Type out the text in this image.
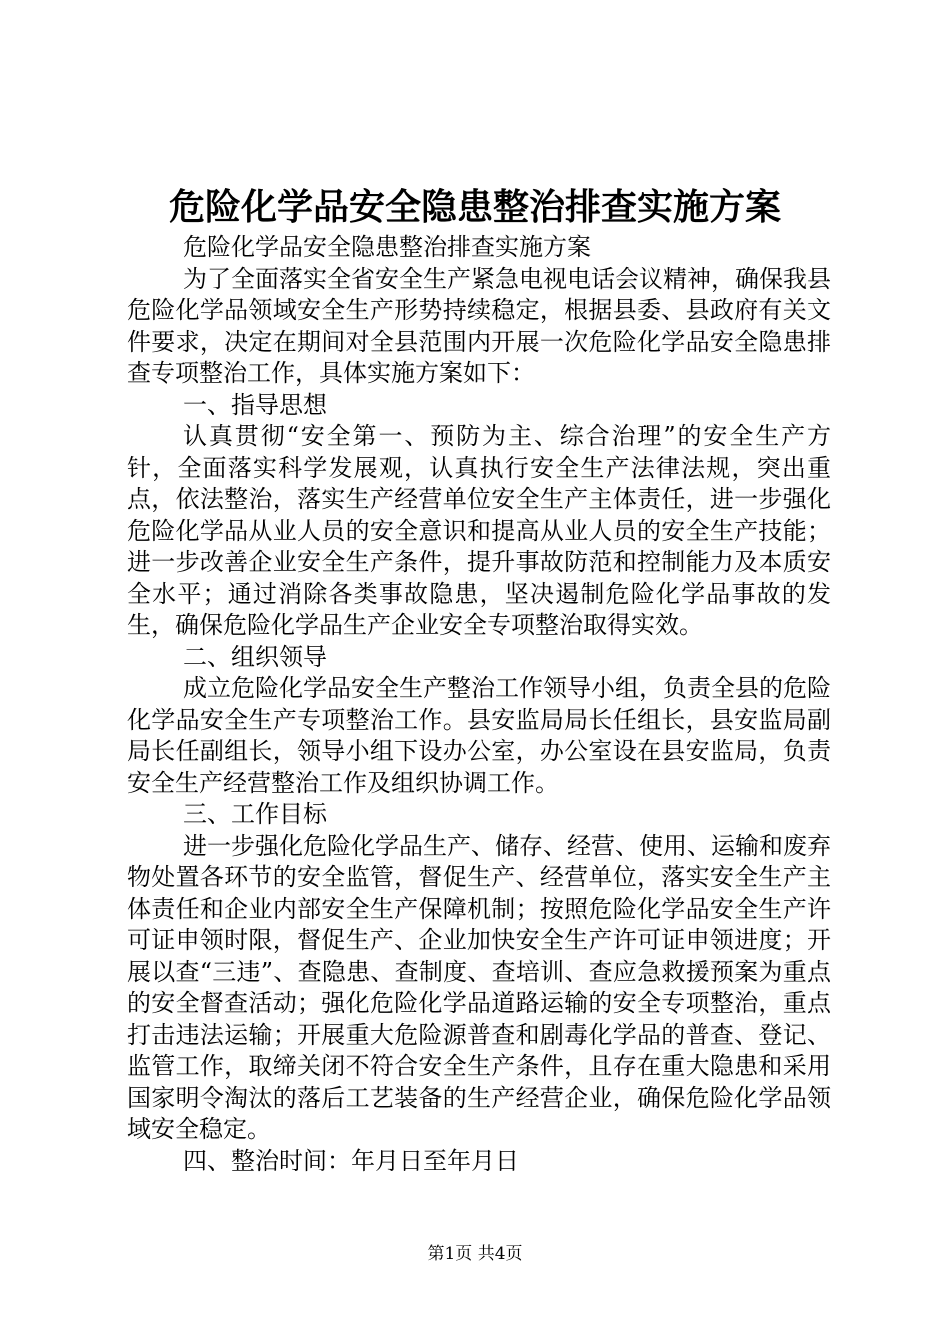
危险化学品安全隐患整治排查实施方案

危险化学品安全隐患整治排查实施方案

为了全面落实全省安全生产紧急电视电话会议精神，确保我县危险化学品领域安全生产形势持续稳定，根据县委、县政府有关文件要求，决定在期间对全县范围内开展一次危险化学品安全隐患排查专项整治工作，具体实施方案如下：

一、指导思想

认真贯彻“安全第一、预防为主、综合治理”的安全生产方针，全面落实科学发展观，认真执行安全生产法律法规，突出重点，依法整治，落实生产经营单位安全生产主体责任，进一步强化危险化学品从业人员的安全意识和提高从业人员的安全生产技能；进一步改善企业安全生产条件，提升事故防范和控制能力及本质安全水平；通过消除各类事故隐患，坚决遏制危险化学品事故的发生，确保危险化学品生产企业安全专项整治取得实效。

二、组织领导

成立危险化学品安全生产整治工作领导小组，负责全县的危险化学品安全生产专项整治工作。县安监局局长任组长，县安监局副局长任副组长，领导小组下设办公室，办公室设在县安监局，负责安全生产经营整治工作及组织协调工作。

三、工作目标

进一步强化危险化学品生产、储存、经营、使用、运输和废弃物处置各环节的安全监管，督促生产、经营单位，落实安全生产主体责任和企业内部安全生产保障机制；按照危险化学品安全生产许可证申领时限，督促生产、企业加快安全生产许可证申领进度；开展以查“三违”、查隐患、查制度、查培训、查应急救援预案为重点的安全督查活动；强化危险化学品道路运输的安全专项整治，重点打击违法运输；开展重大危险源普查和剧毒化学品的普查、登记、监管工作，取缔关闭不符合安全生产条件，且存在重大隐患和采用国家明令淘汰的落后工艺装备的生产经营企业，确保危险化学品领域安全稳定。

四、整治时间：年月日至年月日

第1页 共4页
